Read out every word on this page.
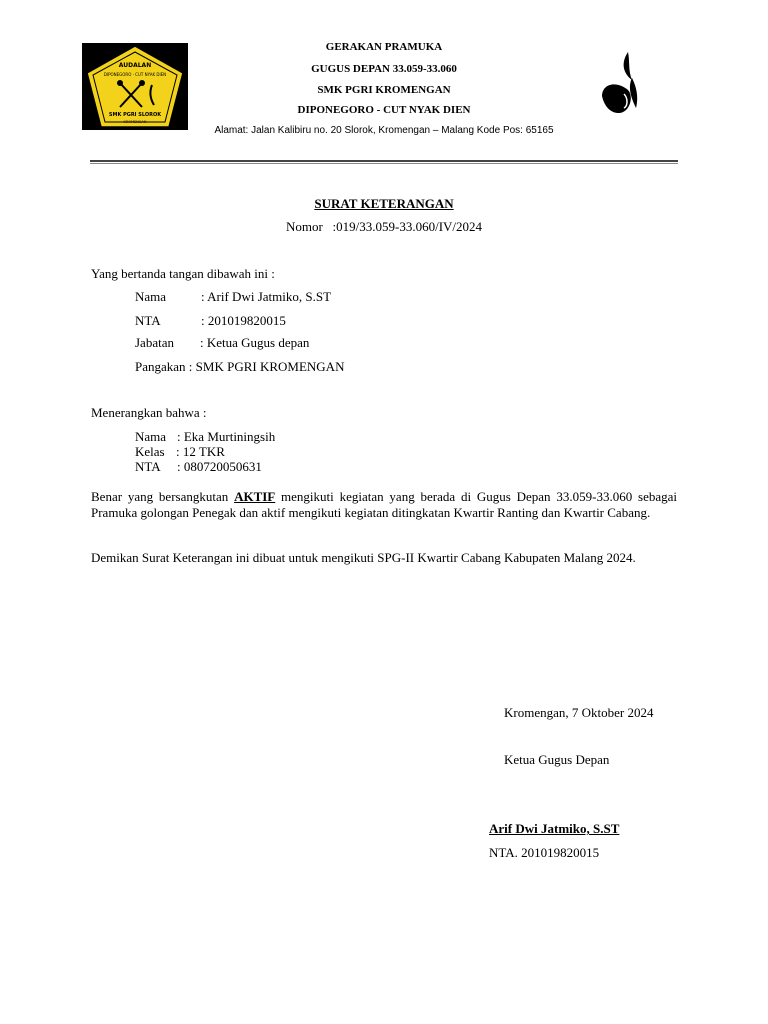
AUDALAN
DIPONEGORO · CUT NYAK DIEN
SMK PGRI SLOROK
KROMENGAN
GERAKAN PRAMUKA
GUGUS DEPAN 33.059-33.060
SMK PGRI KROMENGAN
DIPONEGORO - CUT NYAK DIEN
Alamat: Jalan Kalibiru no. 20 Slorok, Kromengan – Malang Kode Pos: 65165
SURAT KETERANGAN
Nomor :019/33.059-33.060/IV/2024
Yang bertanda tangan dibawah ini :
Nama	: Arif Dwi Jatmiko, S.ST
NTA	: 201019820015
Jabatan : Ketua Gugus depan
Pangakan : SMK PGRI KROMENGAN
Menerangkan bahwa :
Nama : Eka Murtiningsih
Kelas : 12 TKR
NTA : 080720050631
Benar yang bersangkutan AKTIF mengikuti kegiatan yang berada di Gugus Depan 33.059-33.060 sebagai Pramuka golongan Penegak dan aktif mengikuti kegiatan ditingkatan Kwartir Ranting dan Kwartir Cabang.
Demikan Surat Keterangan ini dibuat untuk mengikuti SPG-II Kwartir Cabang Kabupaten Malang 2024.
Kromengan, 7 Oktober 2024
Ketua Gugus Depan
Arif Dwi Jatmiko, S.ST
NTA. 201019820015
